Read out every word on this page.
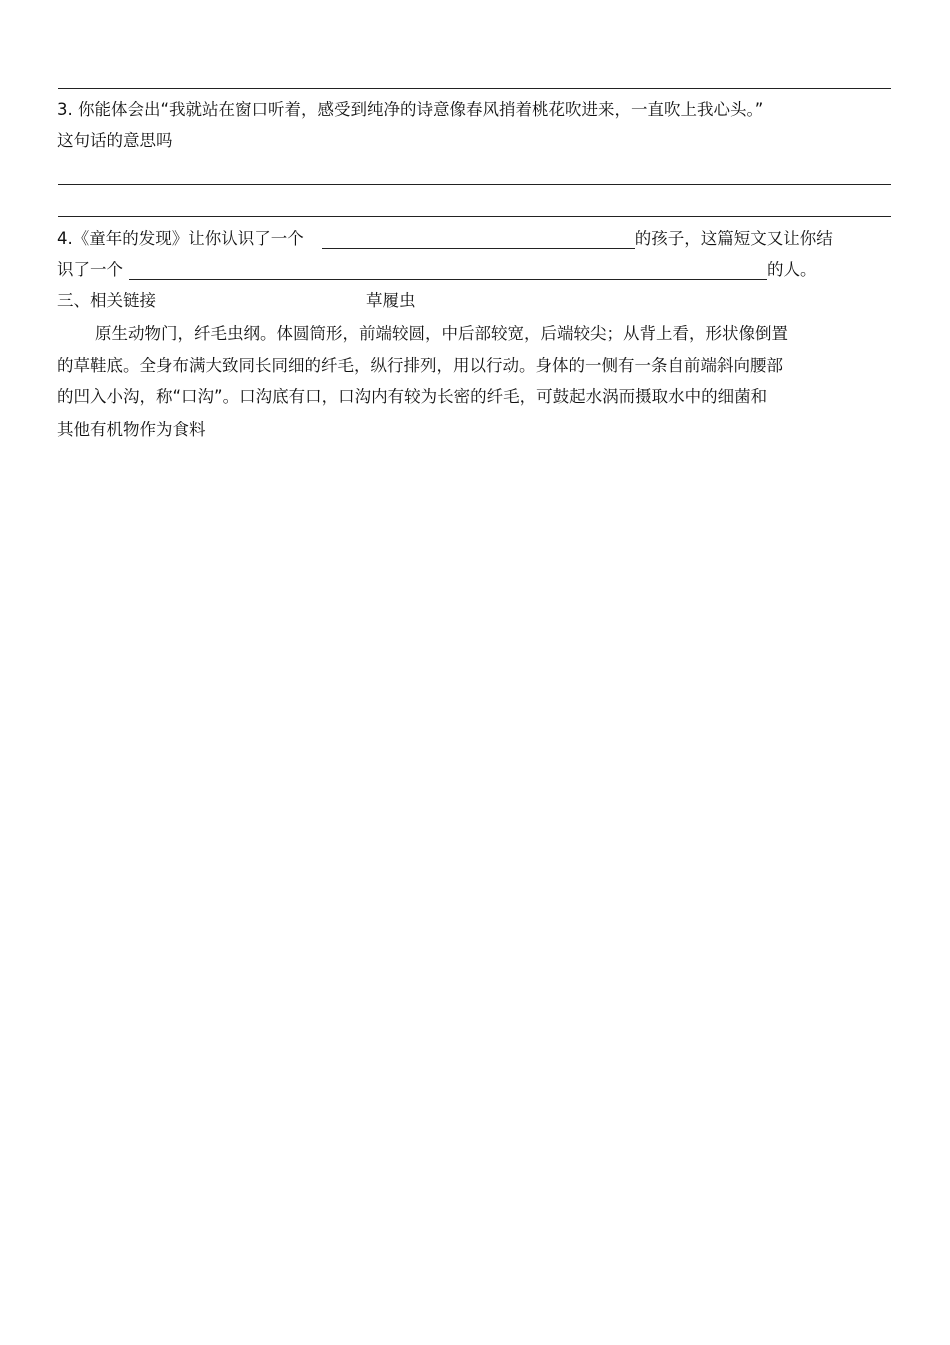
3. 你能体会出“我就站在窗口听着，感受到纯净的诗意像春风捎着桃花吹进来，一直吹上我心头。”
这句话的意思吗
4.《童年的发现》让你认识了一个	的孩子，这篇短文又让你结
识了一个	的人。
三、相关链接	草履虫
原生动物门，纤毛虫纲。体圆筒形，前端较圆，中后部较宽，后端较尖；从背上看，形状像倒置
的草鞋底。全身布满大致同长同细的纤毛，纵行排列，用以行动。身体的一侧有一条自前端斜向腰部
的凹入小沟，称“口沟”。口沟底有口，口沟内有较为长密的纤毛，可鼓起水涡而摄取水中的细菌和
其他有机物作为食料
